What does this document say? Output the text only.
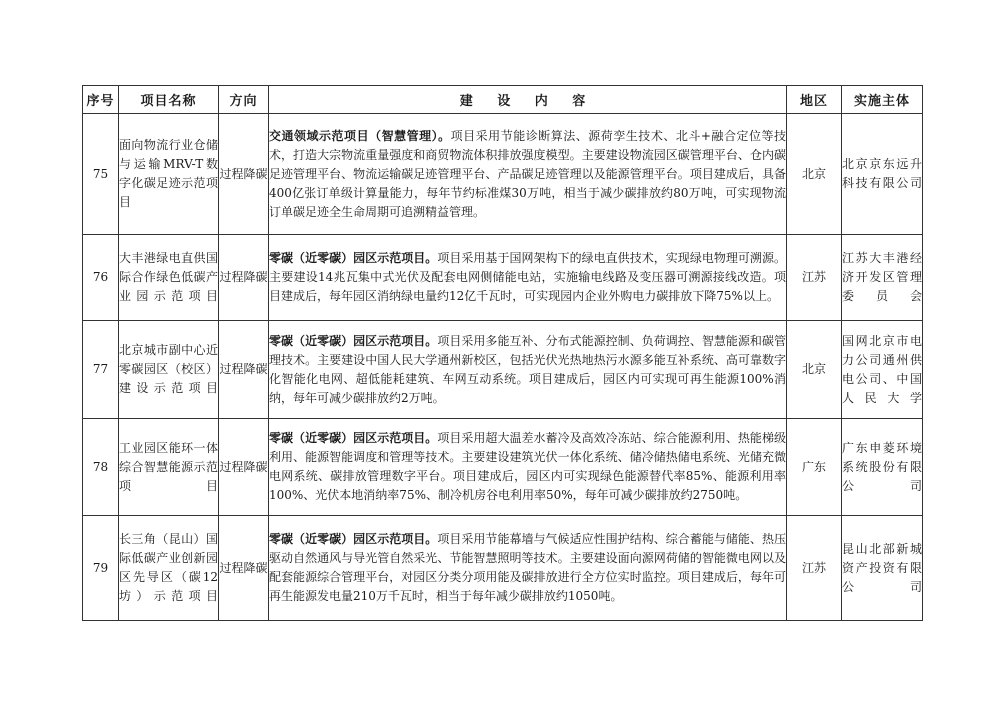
序号	项目名称	方向	建 设 内 容	地区	实施主体
75	面向物流行业仓储与运输MRV-T数字化碳足迹示范项目	过程降碳	交通领域示范项目（智慧管理）。项目采用节能诊断算法、源荷孪生技术、北斗+融合定位等技术，打造大宗物流重量强度和商贸物流体积排放强度模型。主要建设物流园区碳管理平台、仓内碳足迹管理平台、物流运输碳足迹管理平台、产品碳足迹管理以及能源管理平台。项目建成后，具备400亿张订单级计算量能力，每年节约标准煤30万吨，相当于减少碳排放约80万吨，可实现物流订单碳足迹全生命周期可追溯精益管理。	北京	北京京东远升科技有限公司
76	大丰港绿电直供国际合作绿色低碳产业园示范项目	过程降碳	零碳（近零碳）园区示范项目。项目采用基于国网架构下的绿电直供技术，实现绿电物理可溯源。主要建设14兆瓦集中式光伏及配套电网侧储能电站，实施输电线路及变压器可溯源接线改造。项目建成后，每年园区消纳绿电量约12亿千瓦时，可实现园内企业外购电力碳排放下降75%以上。	江苏	江苏大丰港经济开发区管理委员会
77	北京城市副中心近零碳园区（校区）建设示范项目	过程降碳	零碳（近零碳）园区示范项目。项目采用多能互补、分布式能源控制、负荷调控、智慧能源和碳管理技术。主要建设中国人民大学通州新校区，包括光伏光热地热污水源多能互补系统、高可靠数字化智能化电网、超低能耗建筑、车网互动系统。项目建成后，园区内可实现可再生能源100%消纳，每年可减少碳排放约2万吨。	北京	国网北京市电力公司通州供电公司、中国人民大学
78	工业园区能环一体综合智慧能源示范项目	过程降碳	零碳（近零碳）园区示范项目。项目采用超大温差水蓄冷及高效冷冻站、综合能源利用、热能梯级利用、能源智能调度和管理等技术。主要建设建筑光伏一体化系统、储冷储热储电系统、光储充微电网系统、碳排放管理数字平台。项目建成后，园区内可实现绿色能源替代率85%、能源利用率100%、光伏本地消纳率75%、制冷机房谷电利用率50%，每年可减少碳排放约2750吨。	广东	广东申菱环境系统股份有限公司
79	长三角（昆山）国际低碳产业创新园区先导区（碳12坊）示范项目	过程降碳	零碳（近零碳）园区示范项目。项目采用节能幕墙与气候适应性围护结构、综合蓄能与储能、热压驱动自然通风与导光管自然采光、节能智慧照明等技术。主要建设面向源网荷储的智能微电网以及配套能源综合管理平台，对园区分类分项用能及碳排放进行全方位实时监控。项目建成后，每年可再生能源发电量210万千瓦时，相当于每年减少碳排放约1050吨。	江苏	昆山北部新城资产投资有限公司
